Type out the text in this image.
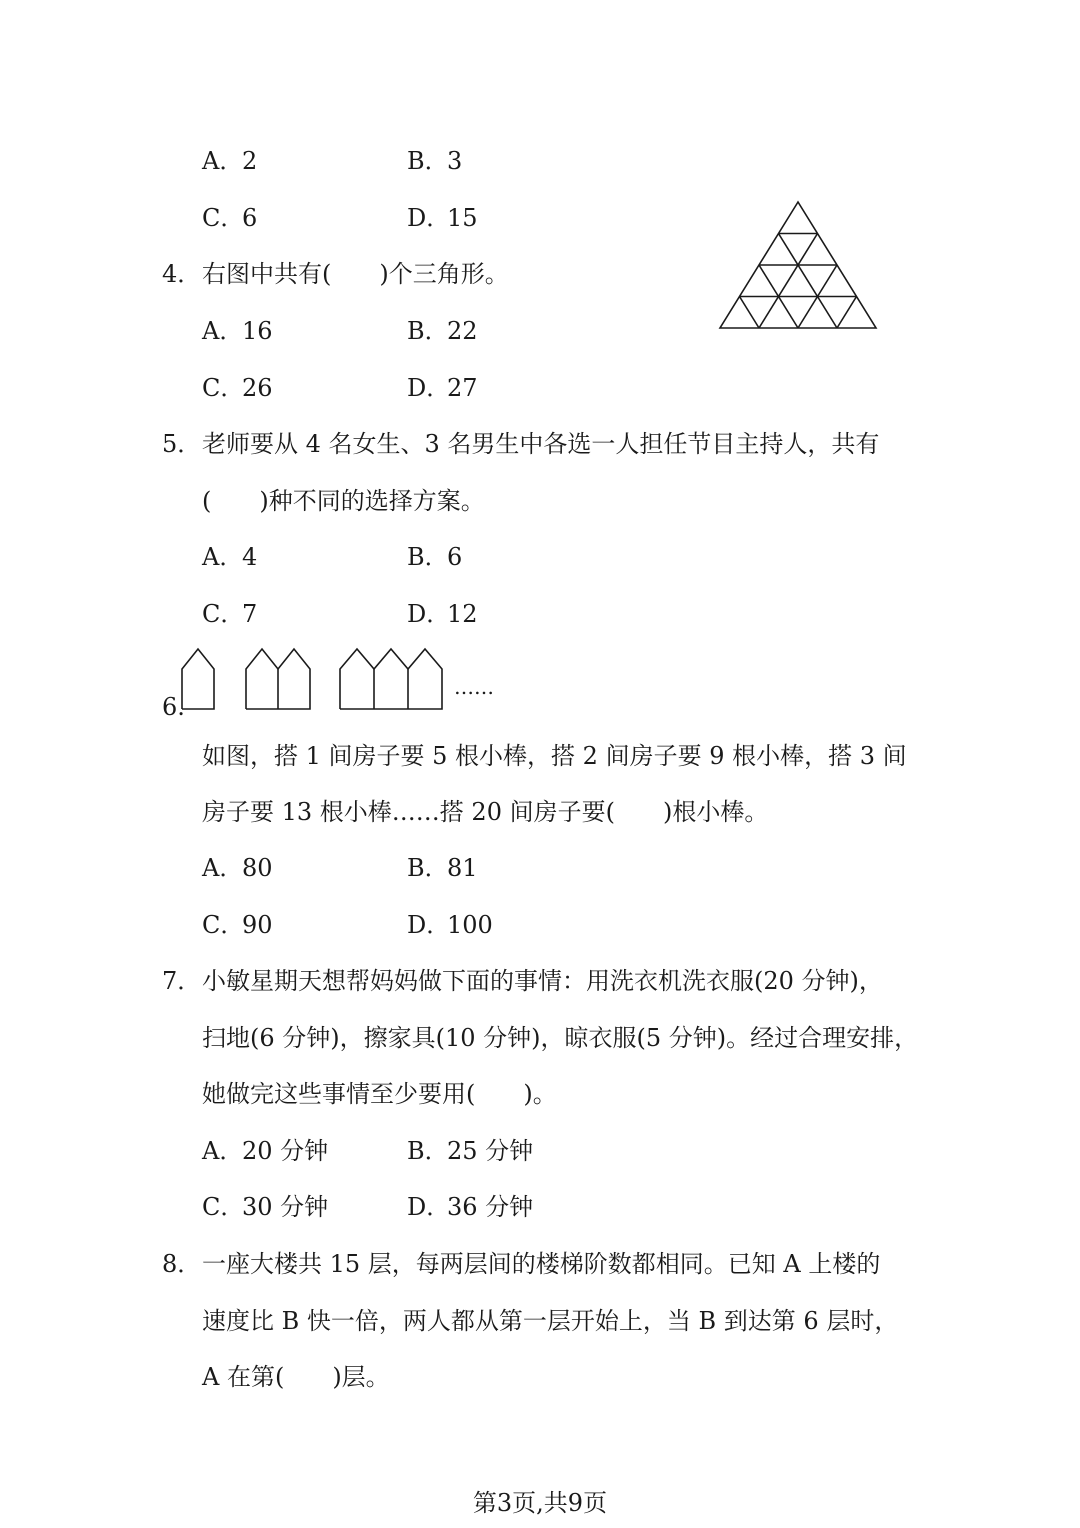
A．2	B．3
C．6	D．15
4．右图中共有(　　)个三角形。
A．16	B．22
C．26	D．27
5．老师要从 4 名女生、3 名男生中各选一人担任节目主持人，共有
(　　)种不同的选择方案。
A．4	B．6
C．7	D．12
……
6.
如图，搭 1 间房子要 5 根小棒，搭 2 间房子要 9 根小棒，搭 3 间
房子要 13 根小棒……搭 20 间房子要(　　)根小棒。
A．80	B．81
C．90	D．100
7．小敏星期天想帮妈妈做下面的事情：用洗衣机洗衣服(20 分钟)，
扫地(6 分钟)，擦家具(10 分钟)，晾衣服(5 分钟)。经过合理安排，
她做完这些事情至少要用(　　)。
A．20 分钟	B．25 分钟
C．30 分钟	D．36 分钟
8．一座大楼共 15 层，每两层间的楼梯阶数都相同。已知 A 上楼的
速度比 B 快一倍，两人都从第一层开始上，当 B 到达第 6 层时，
A 在第(　　)层。
第3页,共9页
